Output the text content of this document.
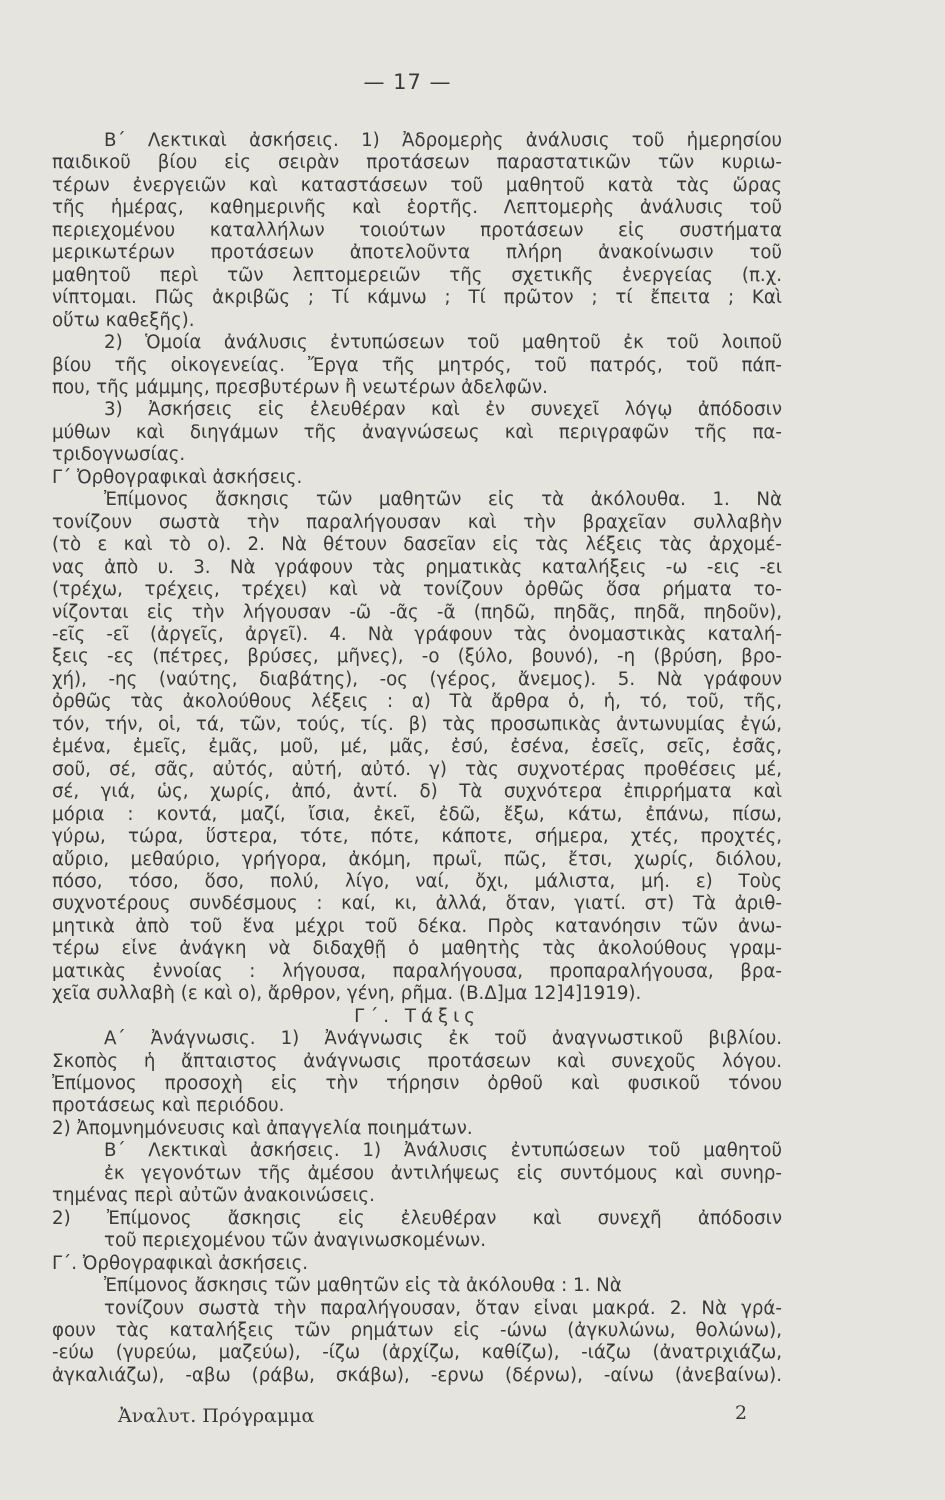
— 17 —
Β΄ Λεκτικαὶ ἀσκήσεις. 1) Ἀδρομερὴς ἀνάλυσις τοῦ ἡμερησίου
παιδικοῦ βίου εἰς σειρὰν προτάσεων παραστατικῶν τῶν κυριω-
τέρων ἐνεργειῶν καὶ καταστάσεων τοῦ μαθητοῦ κατὰ τὰς ὥρας
τῆς ἡμέρας, καθημερινῆς καὶ ἑορτῆς. Λεπτομερὴς ἀνάλυσις τοῦ
περιεχομένου καταλλήλων τοιούτων προτάσεων εἰς συστήματα
μερικωτέρων προτάσεων ἀποτελοῦντα πλήρη ἀνακοίνωσιν τοῦ
μαθητοῦ περὶ τῶν λεπτομερειῶν τῆς σχετικῆς ἐνεργείας (π.χ.
νίπτομαι. Πῶς ἀκριβῶς ; Τί κάμνω ; Τί πρῶτον ; τί ἔπειτα ; Καὶ
οὕτω καθεξῆς).
2) Ὁμοία ἀνάλυσις ἐντυπώσεων τοῦ μαθητοῦ ἐκ τοῦ λοιποῦ
βίου τῆς οἰκογενείας. Ἔργα τῆς μητρός, τοῦ πατρός, τοῦ πάπ-
που, τῆς μάμμης, πρεσβυτέρων ἢ νεωτέρων ἀδελφῶν.
3) Ἀσκήσεις εἰς ἐλευθέραν καὶ ἐν συνεχεῖ λόγῳ ἀπόδοσιν
μύθων καὶ διηγάμων τῆς ἀναγνώσεως καὶ περιγραφῶν τῆς πα-
τριδογνωσίας.
Γ΄ Ὀρθογραφικαὶ ἀσκήσεις.
Ἐπίμονος ἄσκησις τῶν μαθητῶν εἰς τὰ ἀκόλουθα. 1. Νὰ
τονίζουν σωστὰ τὴν παραλήγουσαν καὶ τὴν βραχεῖαν συλλαβὴν
(τὸ ε καὶ τὸ ο). 2. Νὰ θέτουν δασεῖαν εἰς τὰς λέξεις τὰς ἀρχομέ-
νας ἀπὸ υ. 3. Νὰ γράφουν τὰς ρηματικὰς καταλήξεις -ω -εις -ει
(τρέχω, τρέχεις, τρέχει) καὶ νὰ τονίζουν ὀρθῶς ὅσα ρήματα το-
νίζονται εἰς τὴν λήγουσαν -ῶ -ᾶς -ᾶ (πηδῶ, πηδᾶς, πηδᾶ, πηδοῦν),
-εῖς -εῖ (ἀργεῖς, ἀργεῖ). 4. Νὰ γράφουν τὰς ὀνομαστικὰς καταλή-
ξεις -ες (πέτρες, βρύσες, μῆνες), -ο (ξύλο, βουνό), -η (βρύση, βρο-
χή), -ης (ναύτης, διαβάτης), -ος (γέρος, ἄνεμος). 5. Νὰ γράφουν
ὀρθῶς τὰς ἀκολούθους λέξεις : α) Τὰ ἄρθρα ὁ, ἡ, τό, τοῦ, τῆς,
τόν, τήν, οἱ, τά, τῶν, τούς, τίς. β) τὰς προσωπικὰς ἀντωνυμίας ἐγώ,
ἐμένα, ἐμεῖς, ἐμᾶς, μοῦ, μέ, μᾶς, ἐσύ, ἐσένα, ἐσεῖς, σεῖς, ἐσᾶς,
σοῦ, σέ, σᾶς, αὐτός, αὐτή, αὐτό. γ) τὰς συχνοτέρας προθέσεις μέ,
σέ, γιά, ὡς, χωρίς, ἀπό, ἀντί. δ) Τὰ συχνότερα ἐπιρρήματα καὶ
μόρια : κοντά, μαζί, ἴσια, ἐκεῖ, ἐδῶ, ἔξω, κάτω, ἐπάνω, πίσω,
γύρω, τώρα, ὕστερα, τότε, πότε, κάποτε, σήμερα, χτές, προχτές,
αὔριο, μεθαύριο, γρήγορα, ἀκόμη, πρωΐ, πῶς, ἔτσι, χωρίς, διόλου,
πόσο, τόσο, ὅσο, πολύ, λίγο, ναί, ὄχι, μάλιστα, μή. ε) Τοὺς
συχνοτέρους συνδέσμους : καί, κι, ἀλλά, ὅταν, γιατί. στ) Τὰ ἀριθ-
μητικὰ ἀπὸ τοῦ ἕνα μέχρι τοῦ δέκα. Πρὸς κατανόησιν τῶν ἀνω-
τέρω εἶνε ἀνάγκη νὰ διδαχθῇ ὁ μαθητὴς τὰς ἀκολούθους γραμ-
ματικὰς ἐννοίας : λήγουσα, παραλήγουσα, προπαραλήγουσα, βρα-
χεῖα συλλαβὴ (ε καὶ ο), ἄρθρον, γένη, ρῆμα. (Β.Δ]μα 12]4]1919).
Γ΄. Τάξις
Α΄ Ἀνάγνωσις. 1) Ἀνάγνωσις ἐκ τοῦ ἀναγνωστικοῦ βιβλίου.
Σκοπὸς ἡ ἄπταιστος ἀνάγνωσις προτάσεων καὶ συνεχοῦς λόγου.
Ἐπίμονος προσοχὴ εἰς τὴν τήρησιν ὀρθοῦ καὶ φυσικοῦ τόνου
προτάσεως καὶ περιόδου.
2) Ἀπομνημόνευσις καὶ ἀπαγγελία ποιημάτων.
Β΄ Λεκτικαὶ ἀσκήσεις. 1) Ἀνάλυσις ἐντυπώσεων τοῦ μαθητοῦ
ἐκ γεγονότων τῆς ἀμέσου ἀντιλήψεως εἰς συντόμους καὶ συνηρ-
τημένας περὶ αὐτῶν ἀνακοινώσεις.
2) Ἐπίμονος ἄσκησις εἰς ἐλευθέραν καὶ συνεχῆ ἀπόδοσιν
τοῦ περιεχομένου τῶν ἀναγινωσκομένων.
Γ΄. Ὀρθογραφικαὶ ἀσκήσεις.
Ἐπίμονος ἄσκησις τῶν μαθητῶν εἰς τὰ ἀκόλουθα : 1. Νὰ
τονίζουν σωστὰ τὴν παραλήγουσαν, ὅταν εἶναι μακρά. 2. Νὰ γρά-
φουν τὰς καταλήξεις τῶν ρημάτων εἰς -ώνω (ἀγκυλώνω, θολώνω),
-εύω (γυρεύω, μαζεύω), -ίζω (ἀρχίζω, καθίζω), -ιάζω (ἀνατριχιάζω,
ἀγκαλιάζω), -αβω (ράβω, σκάβω), -ερνω (δέρνω), -αίνω (ἀνεβαίνω).
Ἀναλυτ. Πρόγραμμα	2
